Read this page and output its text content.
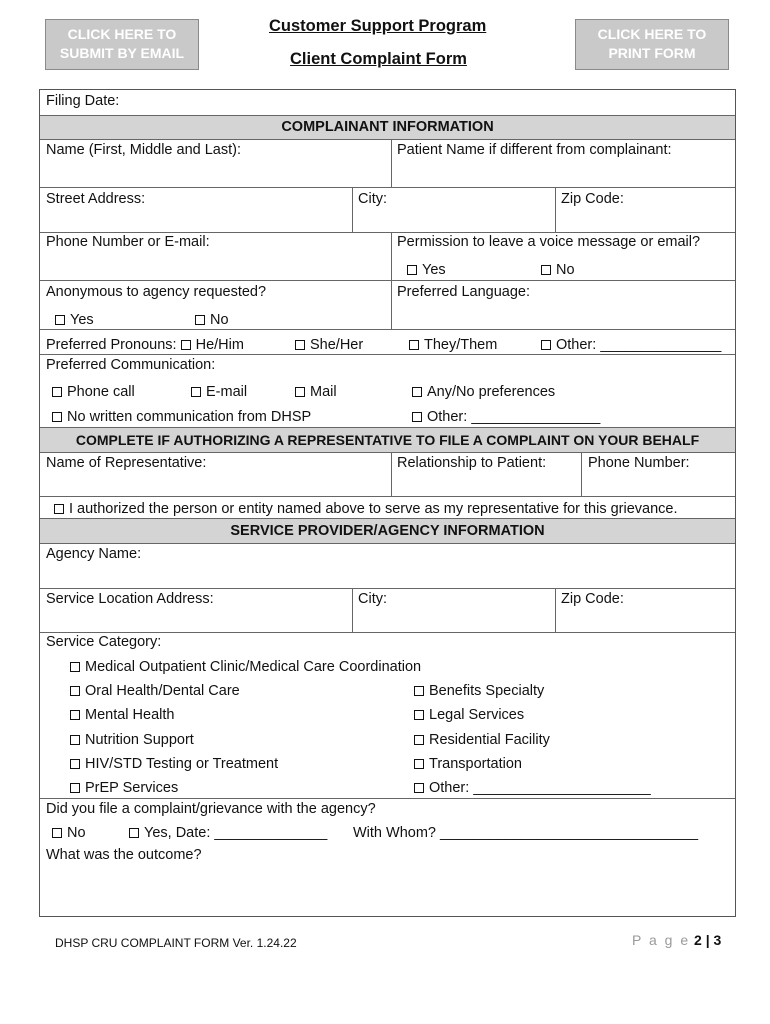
CLICK HERE TO
SUBMIT BY EMAIL
CLICK HERE TO
PRINT FORM
Customer Support Program
Client Complaint Form
COMPLAINANT INFORMATION
COMPLETE IF AUTHORIZING A REPRESENTATIVE TO FILE A COMPLAINT ON YOUR BEHALF
SERVICE PROVIDER/AGENCY INFORMATION
Filing Date:
Name (First, Middle and Last):	Patient Name if different from complainant:
Street Address:	City:	Zip Code:
Phone Number or E-mail:	Permission to leave a voice message or email?
Yes	No
Anonymous to agency requested?	Preferred Language:
Yes	No
Preferred Pronouns: He/Him	She/Her	They/Them	Other: _______________
Preferred Communication:
Phone call	E-mail	Mail	Any/No preferences
No written communication from DHSP	Other: ________________
Name of Representative:	Relationship to Patient:	Phone Number:
I authorized the person or entity named above to serve as my representative for this grievance.
Agency Name:
Service Location Address:	City:	Zip Code:
Service Category:
Medical Outpatient Clinic/Medical Care Coordination
Oral Health/Dental Care
Mental Health
Nutrition Support
HIV/STD Testing or Treatment
PrEP Services
Benefits Specialty
Legal Services
Residential Facility
Transportation
Other: ______________________
Did you file a complaint/grievance with the agency?
No	Yes, Date: ______________ With Whom? ________________________________
What was the outcome?
DHSP CRU COMPLAINT FORM Ver. 1.24.22	P a g e 2 | 3
